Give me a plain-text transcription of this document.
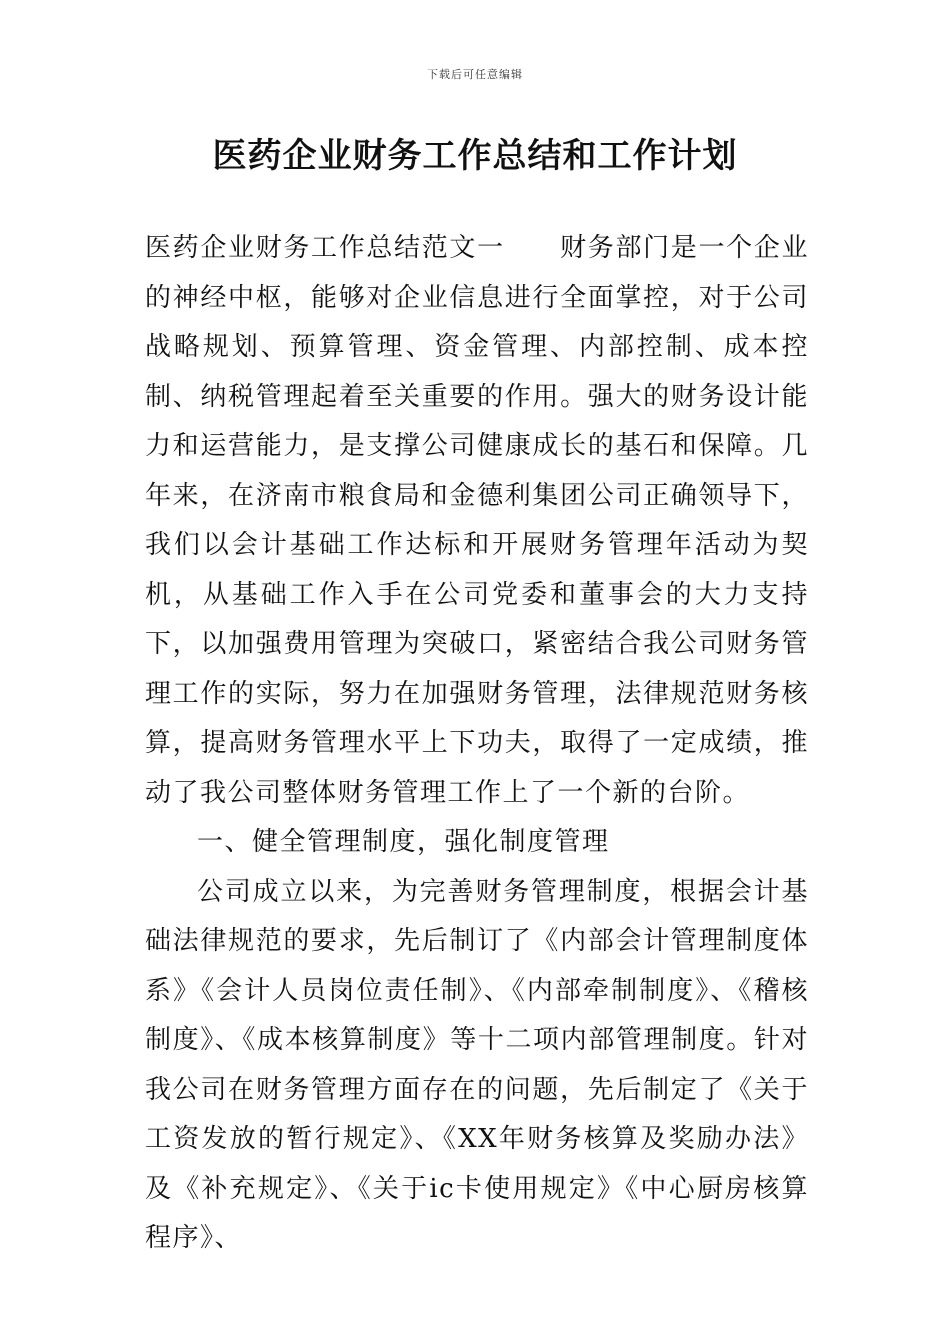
下载后可任意编辑
医药企业财务工作总结和工作计划

医药企业财务工作总结范文一　　财务部门是一个企业的神经中枢，能够对企业信息进行全面掌控，对于公司战略规划、预算管理、资金管理、内部控制、成本控制、纳税管理起着至关重要的作用。强大的财务设计能力和运营能力，是支撑公司健康成长的基石和保障。几年来，在济南市粮食局和金德利集团公司正确领导下，我们以会计基础工作达标和开展财务管理年活动为契机，从基础工作入手在公司党委和董事会的大力支持下，以加强费用管理为突破口，紧密结合我公司财务管理工作的实际，努力在加强财务管理，法律规范财务核算，提高财务管理水平上下功夫，取得了一定成绩，推动了我公司整体财务管理工作上了一个新的台阶。

一、健全管理制度，强化制度管理

公司成立以来，为完善财务管理制度，根据会计基础法律规范的要求，先后制订了《内部会计管理制度体系》《会计人员岗位责任制》、《内部牵制制度》、《稽核制度》、《成本核算制度》等十二项内部管理制度。针对我公司在财务管理方面存在的问题，先后制定了《关于工资发放的暂行规定》、《XX年财务核算及奖励办法》及《补充规定》、《关于ic卡使用规定》《中心厨房核算程序》、
